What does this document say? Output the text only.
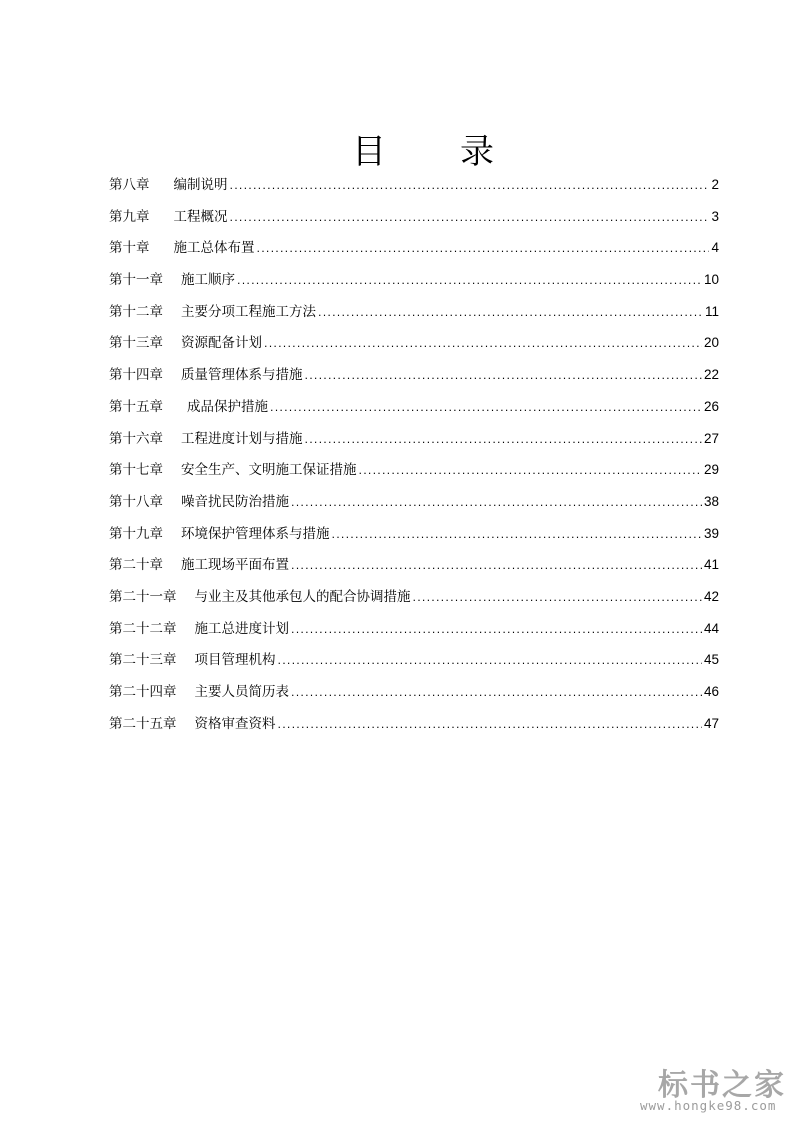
目 录
第八章 编制说明 .....	2
第九章 工程概况 .....	3
第十章 施工总体布置 .....	4
第十一章 施工顺序 .....	10
第十二章 主要分项工程施工方法 .....	11
第十三章 资源配备计划 .....	20
第十四章 质量管理体系与措施 .....	22
第十五章 成品保护措施 .....	26
第十六章 工程进度计划与措施 .....	27
第十七章 安全生产、文明施工保证措施 .....	29
第十八章 噪音扰民防治措施 .....	38
第十九章 环境保护管理体系与措施 .....	39
第二十章 施工现场平面布置 .....	41
第二十一章 与业主及其他承包人的配合协调措施 .....	42
第二十二章 施工总进度计划 .....	44
第二十三章 项目管理机构 .....	45
第二十四章 主要人员简历表 .....	46
第二十五章 资格审查资料 .....	47
标书之家
www.hongke98.com
